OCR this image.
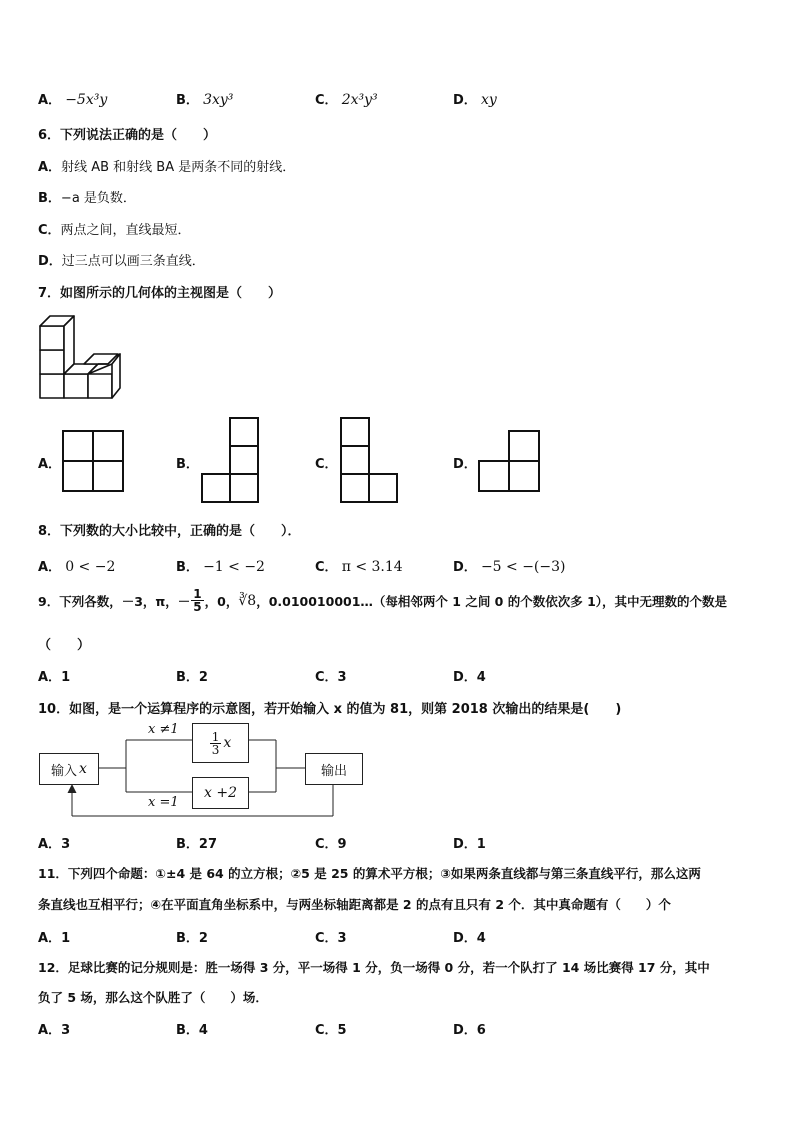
A． −5x³y	B． 3xy³	C． 2x³y³	D． xy
6．下列说法正确的是（　　）
A．射线 AB 和射线 BA 是两条不同的射线．
B．−a 是负数．
C．两点之间，直线最短．
D．过三点可以画三条直线．
7．如图所示的几何体的主视图是（　　）
A．	B．	C．	D．
8．下列数的大小比较中，正确的是（　　）．
A． 0 < −2	B． −1 < −2	C． π < 3.14	D． −5 < −(−3)
9．下列各数， －3，π，－ $\frac{1}{5}$ ，0， ∛8 ，0.010010001…（每相邻两个 1 之间 0 的个数依次多 1），其中无理数的个数是
（　　）
A．1	B．2	C．3	D．4
10．如图，是一个运算程序的示意图，若开始输入 x 的值为 81，则第 2018 次输出的结果是(　　)
输入 x
$\frac{1}{3}$ x
x +2
输出
x ≠1
x =1
A．3	B．27	C．9	D．1
11．下列四个命题：①±4 是 64 的立方根；②5 是 25 的算术平方根；③如果两条直线都与第三条直线平行，那么这两
条直线也互相平行；④在平面直角坐标系中，与两坐标轴距离都是 2 的点有且只有 2 个．其中真命题有（　　）个
A．1	B．2	C．3	D．4
12．足球比赛的记分规则是：胜一场得 3 分，平一场得 1 分，负一场得 0 分，若一个队打了 14 场比赛得 17 分，其中
负了 5 场，那么这个队胜了（　　）场．
A．3	B．4	C．5	D．6
